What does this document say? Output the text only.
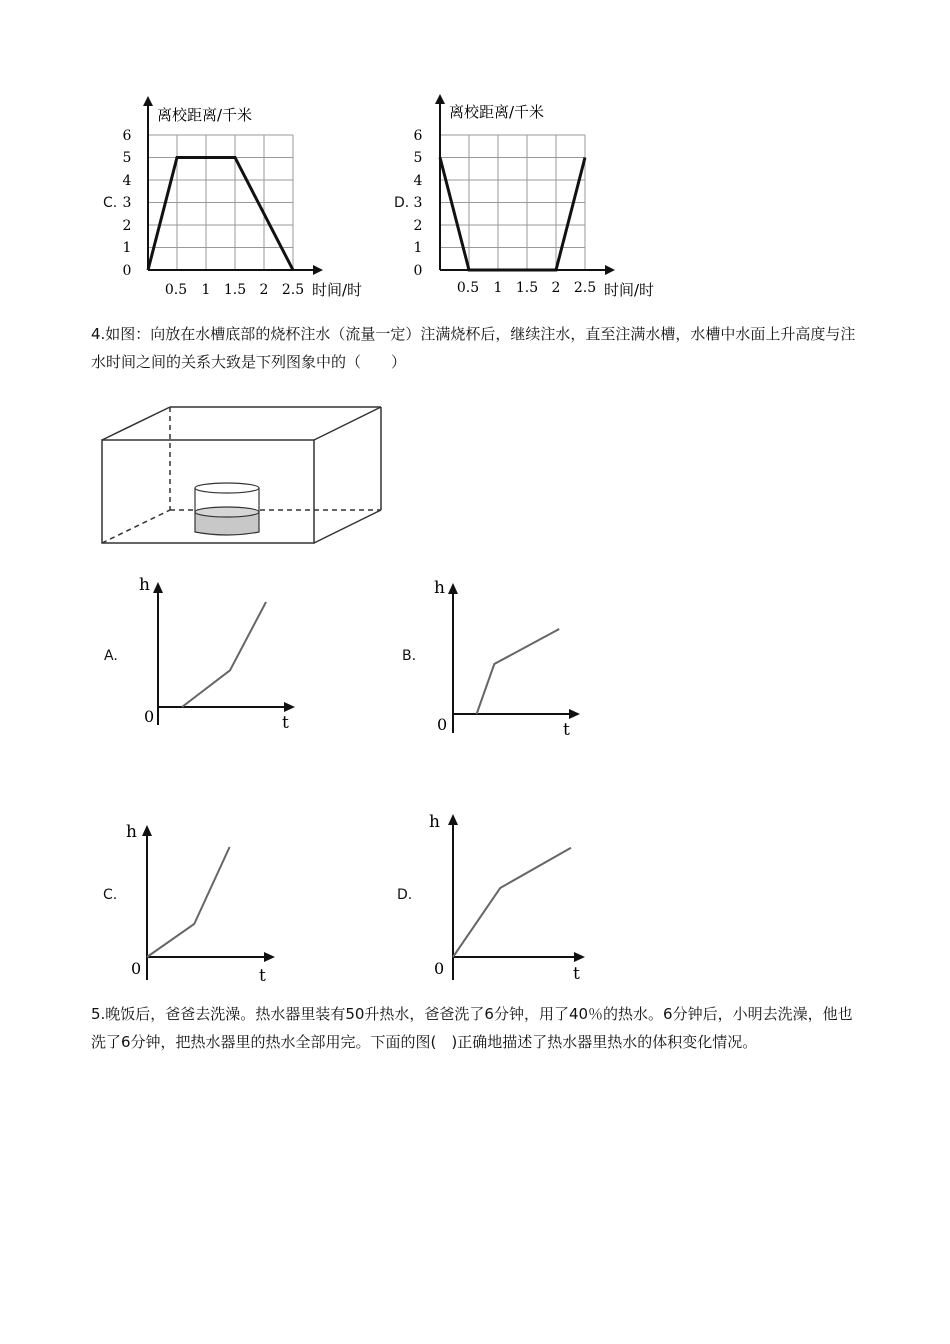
C.
离校距离/千米
时间/时
0
1
2
3
4
5
6
0.5 1 1.5 2 2.5
D.
离校距离/千米
时间/时
0
1
2
3
4
5
6
0.5 1 1.5 2 2.5
4.如图：向放在水槽底部的烧杯注水（流量一定）注满烧杯后，继续注水，直至注满水槽，水槽中水面上升高度与注水时间之间的关系大致是下列图象中的（　　）
A.
h
t
0
B.
h
t
0
C.
h
t
0
D.
h
t
0
5.晚饭后，爸爸去洗澡。热水器里装有50升热水，爸爸洗了6分钟，用了40％的热水。6分钟后，小明去洗澡，他也洗了6分钟，把热水器里的热水全部用完。下面的图(　)正确地描述了热水器里热水的体积变化情况。
